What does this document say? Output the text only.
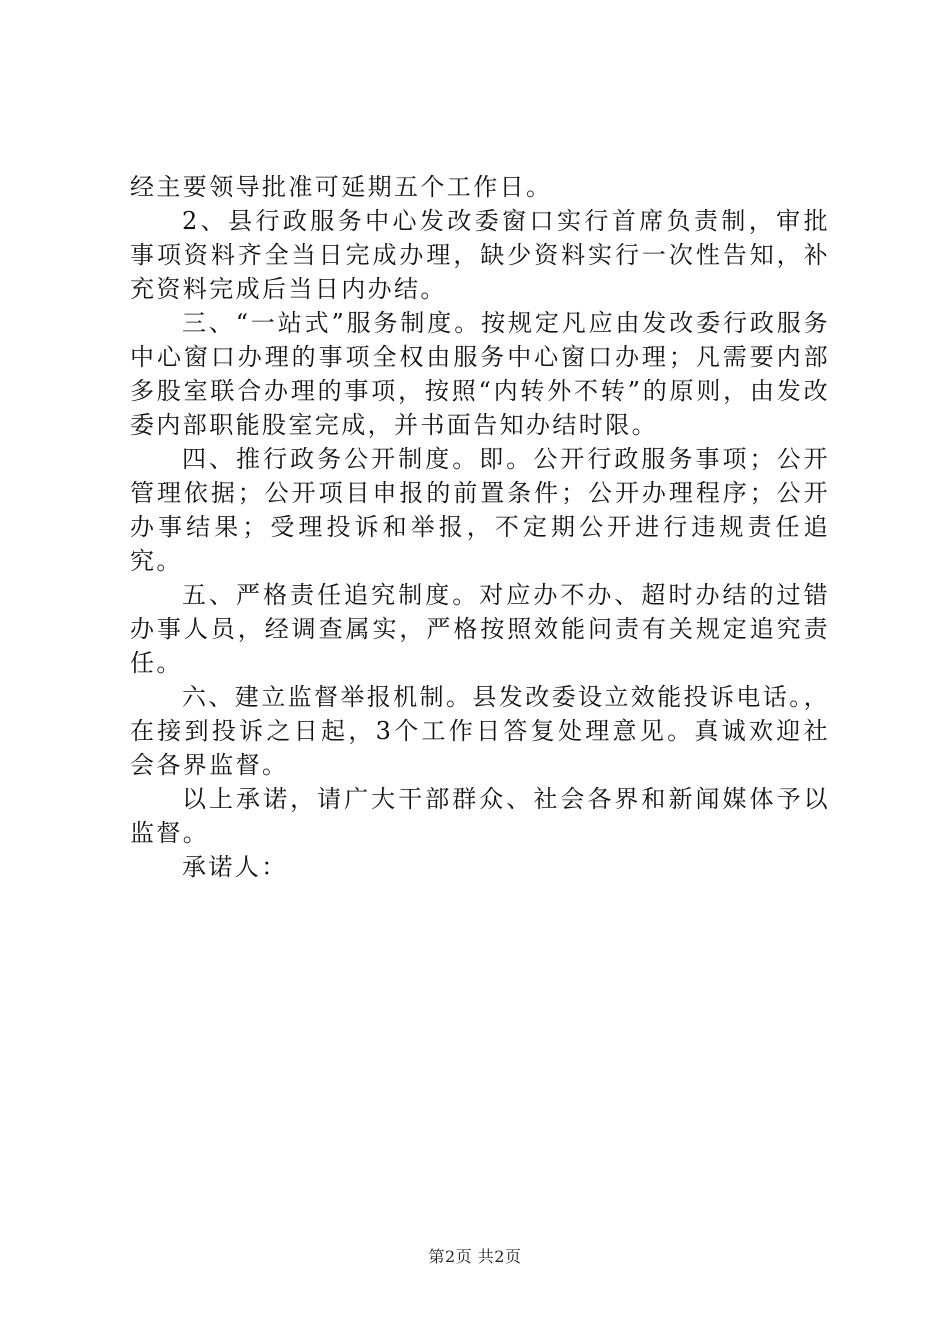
经主要领导批准可延期五个工作日。

2、县行政服务中心发改委窗口实行首席负责制，审批事项资料齐全当日完成办理，缺少资料实行一次性告知，补充资料完成后当日内办结。

三、“一站式”服务制度。按规定凡应由发改委行政服务中心窗口办理的事项全权由服务中心窗口办理；凡需要内部多股室联合办理的事项，按照“内转外不转”的原则，由发改委内部职能股室完成，并书面告知办结时限。

四、推行政务公开制度。即。公开行政服务事项；公开管理依据；公开项目申报的前置条件；公开办理程序；公开办事结果；受理投诉和举报，不定期公开进行违规责任追究。

五、严格责任追究制度。对应办不办、超时办结的过错办事人员，经调查属实，严格按照效能问责有关规定追究责任。

六、建立监督举报机制。县发改委设立效能投诉电话。，在接到投诉之日起，3个工作日答复处理意见。真诚欢迎社会各界监督。

以上承诺，请广大干部群众、社会各界和新闻媒体予以监督。

承诺人：

第2页 共2页
